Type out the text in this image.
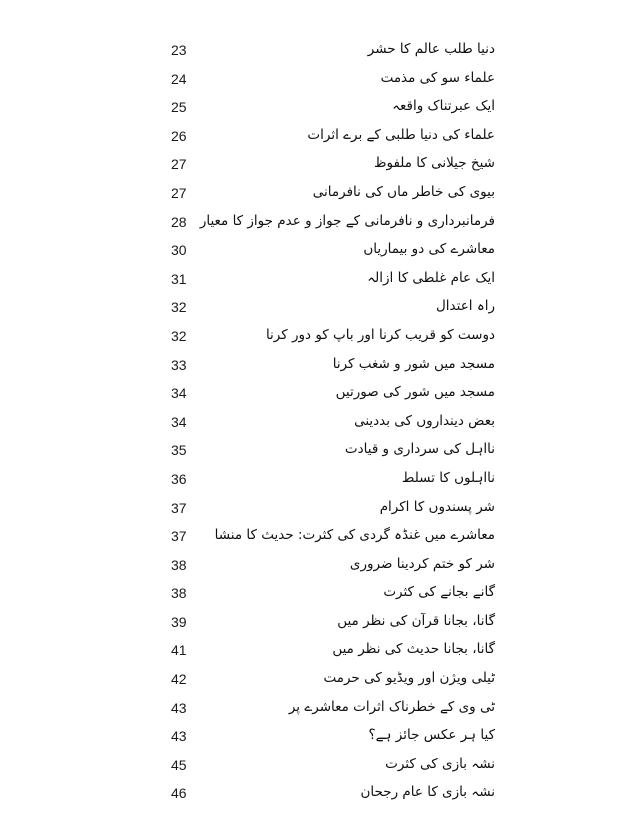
23	دنیا طلب عالم کا حشر
24	علماء سو کی مذمت
25	ایک عبرتناک واقعہ
26	علماء کی دنیا طلبی کے برے اثرات
27	شیخ جیلانی کا ملفوظ
27	بیوی کی خاطر ماں کی نافرمانی
28 فرمانبرداری و نافرمانی کے جواز و عدم جواز کا معیار
30	معاشرے کی دو بیماریاں
31	ایک عام غلطی کا ازالہ
32	راہ اعتدال
32	دوست کو قریب کرنا اور باپ کو دور کرنا
33	مسجد میں شور و شغب کرنا
34	مسجد میں شور کی صورتیں
34	بعض دینداروں کی بددینی
35	نااہل کی سرداری و قیادت
36	نااہلوں کا تسلط
37	شر پسندوں کا اکرام
37 معاشرے میں غنڈہ گردی کی کثرت: حدیث کا منشا
38	شر کو ختم کردینا ضروری
38	گانے بجانے کی کثرت
39	گانا، بجانا قرآن کی نظر میں
41	گانا، بجانا حدیث کی نظر میں
42	ٹیلی ویژن اور ویڈیو کی حرمت
43	ٹی وی کے خطرناک اثرات معاشرے پر
43	کیا ہر عکس جائز ہے؟
45	نشہ بازی کی کثرت
46	نشہ بازی کا عام رجحان
